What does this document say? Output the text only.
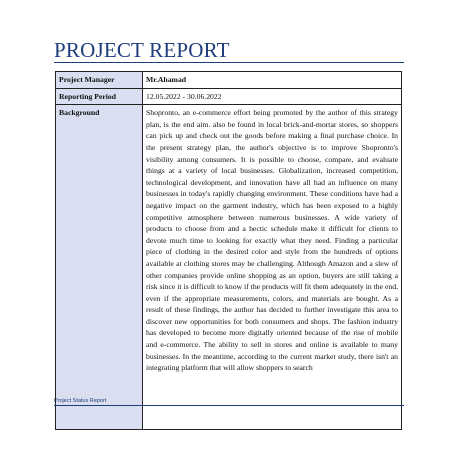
PROJECT REPORT
Project Manager	Mr.Ahamad
Reporting Period	12.05.2022 - 30.06.2022
Background	Shopronto, an e-commerce effort being promoted by the author of this strategy plan, is the end aim. also be found in local brick-and-mortar stores, so shoppers can pick up and check out the goods before making a final purchase choice. In the present strategy plan, the author's objective is to improve Shopronto's visibility among consumers. It is possible to choose, compare, and evaluate things at a variety of local businesses. Globalization, increased competition, technological development, and innovation have all had an influence on many businesses in today's rapidly changing environment. These conditions have had a negative impact on the garment industry, which has been exposed to a highly competitive atmosphere between numerous businesses. A wide variety of products to choose from and a hectic schedule make it difficult for clients to devote much time to looking for exactly what they need. Finding a particular piece of clothing in the desired color and style from the hundreds of options available at clothing stores may be challenging. Although Amazon and a slew of other companies provide online shopping as an option, buyers are still taking a risk since it is difficult to know if the products will fit them adequately in the end, even if the appropriate measurements, colors, and materials are bought. As a result of these findings, the author has decided to further investigate this area to discover new opportunities for both consumers and shops. The fashion industry has developed to become more digitally oriented because of the rise of mobile and e-commerce. The ability to sell in stores and online is available to many businesses. In the meantime, according to the current market study, there isn't an integrating platform that will allow shoppers to search

Project Status Report
